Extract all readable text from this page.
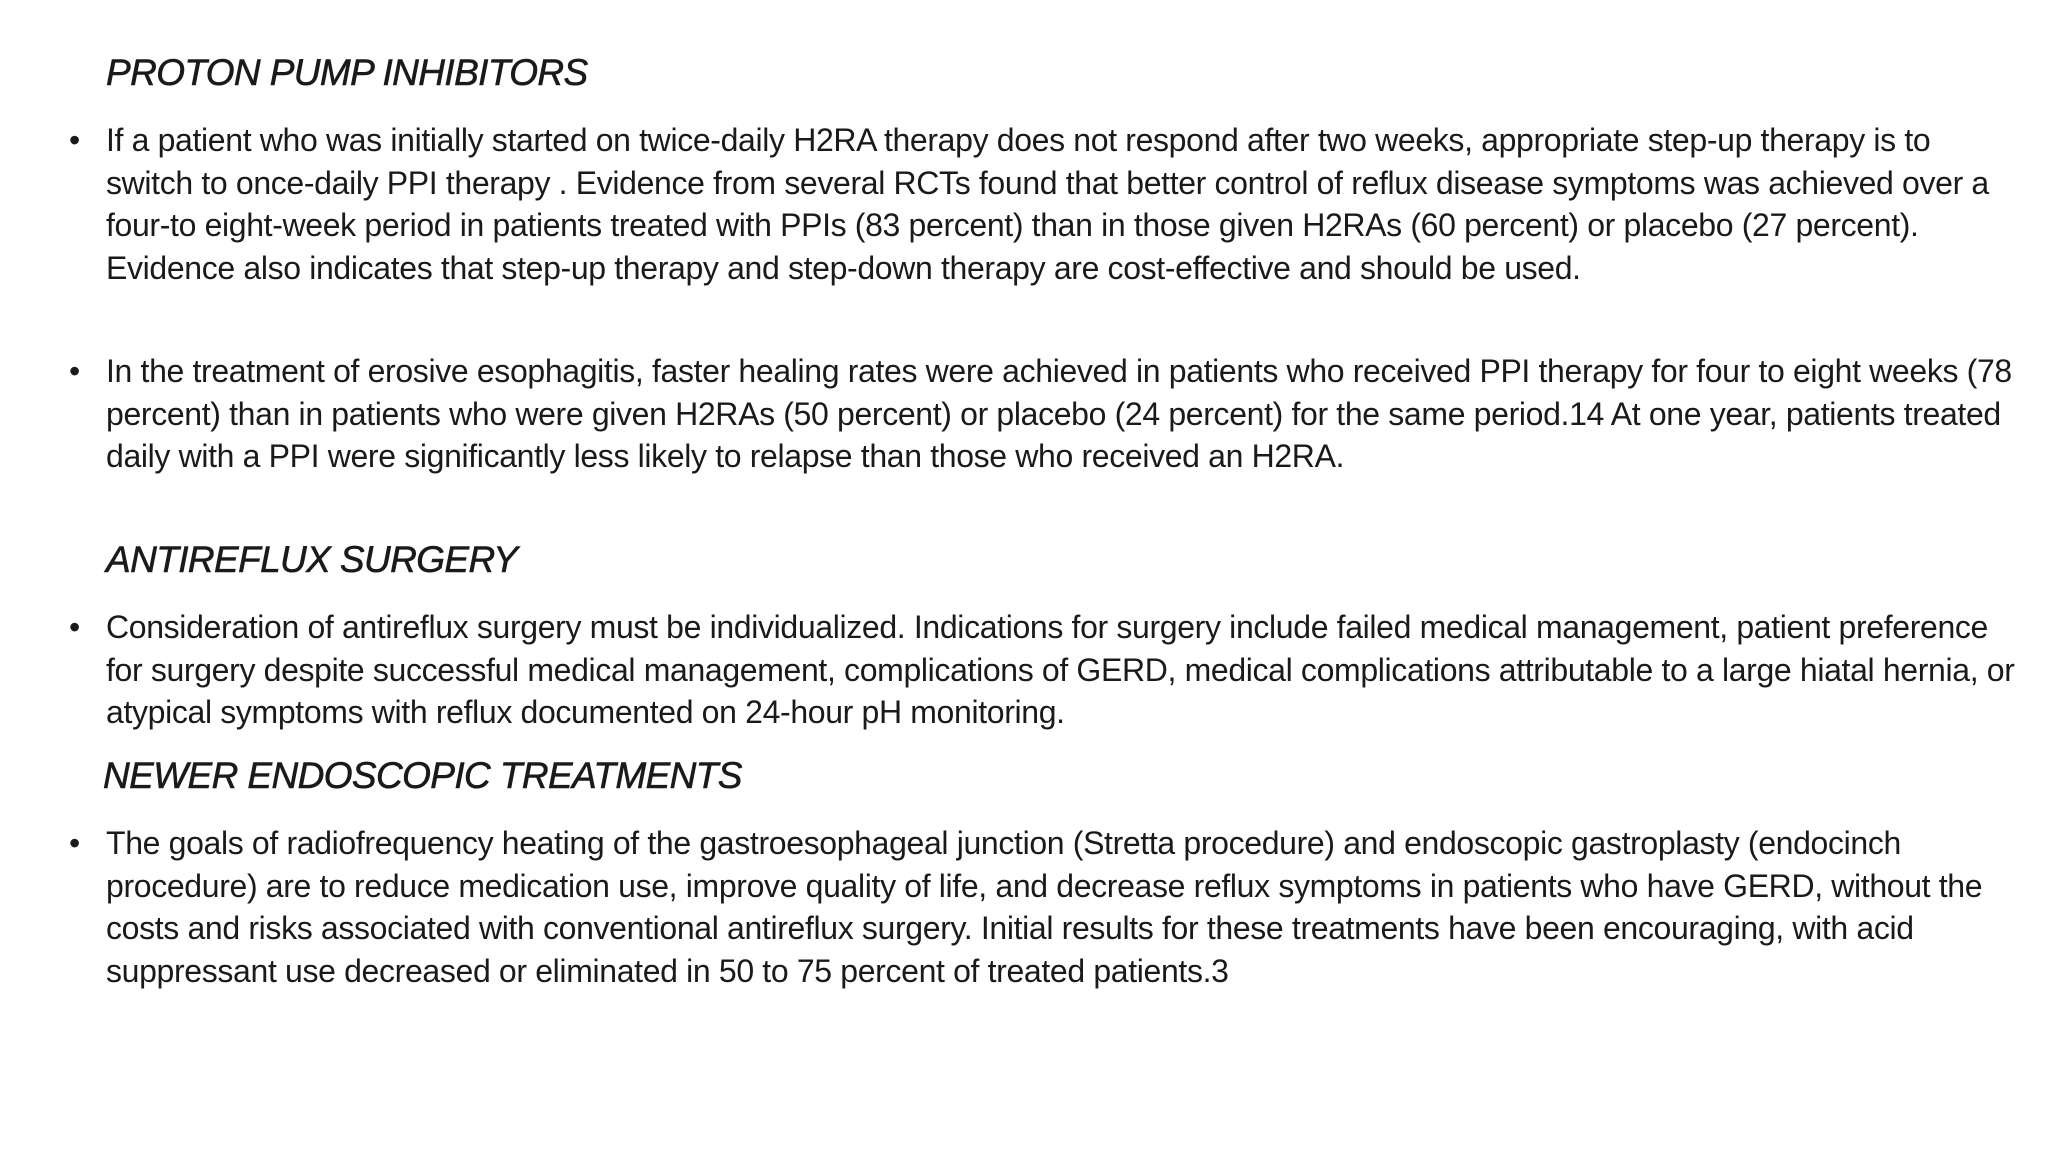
PROTON PUMP INHIBITORS
• If a patient who was initially started on twice-daily H2RA therapy does not respond after two weeks, appropriate step-up therapy is to switch to once-daily PPI therapy . Evidence from several RCTs found that better control of reflux disease symptoms was achieved over a four-to eight-week period in patients treated with PPIs (83 percent) than in those given H2RAs (60 percent) or placebo (27 percent). Evidence also indicates that step-up therapy and step-down therapy are cost-effective and should be used.
• In the treatment of erosive esophagitis, faster healing rates were achieved in patients who received PPI therapy for four to eight weeks (78 percent) than in patients who were given H2RAs (50 percent) or placebo (24 percent) for the same period.14 At one year, patients treated daily with a PPI were significantly less likely to relapse than those who received an H2RA.
ANTIREFLUX SURGERY
• Consideration of antireflux surgery must be individualized. Indications for surgery include failed medical management, patient preference for surgery despite successful medical management, complications of GERD, medical complications attributable to a large hiatal hernia, or atypical symptoms with reflux documented on 24-hour pH monitoring.
NEWER ENDOSCOPIC TREATMENTS
• The goals of radiofrequency heating of the gastroesophageal junction (Stretta procedure) and endoscopic gastroplasty (endocinch procedure) are to reduce medication use, improve quality of life, and decrease reflux symptoms in patients who have GERD, without the costs and risks associated with conventional antireflux surgery. Initial results for these treatments have been encouraging, with acid suppressant use decreased or eliminated in 50 to 75 percent of treated patients.3
